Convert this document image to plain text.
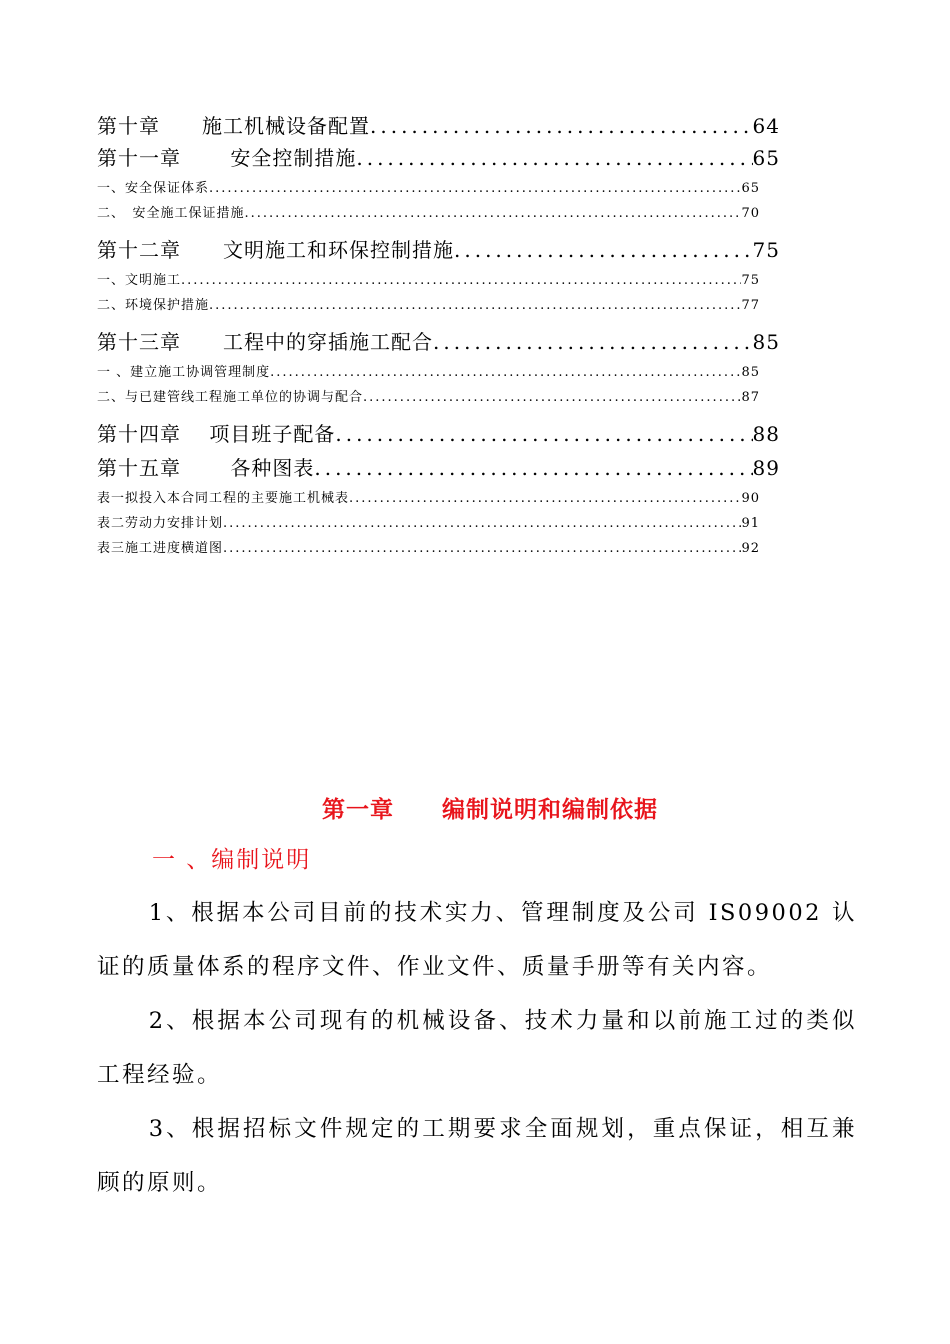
第十章　　施工机械设备配置 .....	64
第十一章　　 安全控制措施 .....	65
一、安全保证体系 .....	65
二、　安全施工保证措施 .....	70
第十二章　　文明施工和环保控制措施 .....	75
一、文明施工 .....	75
二、环境保护措施 .....	77
第十三章　　工程中的穿插施工配合 .....	85
一 、建立施工协调管理制度 .....	85
二、与已建管线工程施工单位的协调与配合 .....	87
第十四章　 项目班子配备 .....	88
第十五章　　 各种图表 .....	89
表一拟投入本合同工程的主要施工机械表 .....	90
表二劳动力安排计划 .....	91
表三施工进度横道图 .....	92
第一章　　编制说明和编制依据
一 、编制说明

1、根据本公司目前的技术实力、管理制度及公司 IS09002 认证的质量体系的程序文件、作业文件、质量手册等有关内容。

2、根据本公司现有的机械设备、技术力量和以前施工过的类似工程经验。

3、根据招标文件规定的工期要求全面规划，重点保证，相互兼顾的原则。
